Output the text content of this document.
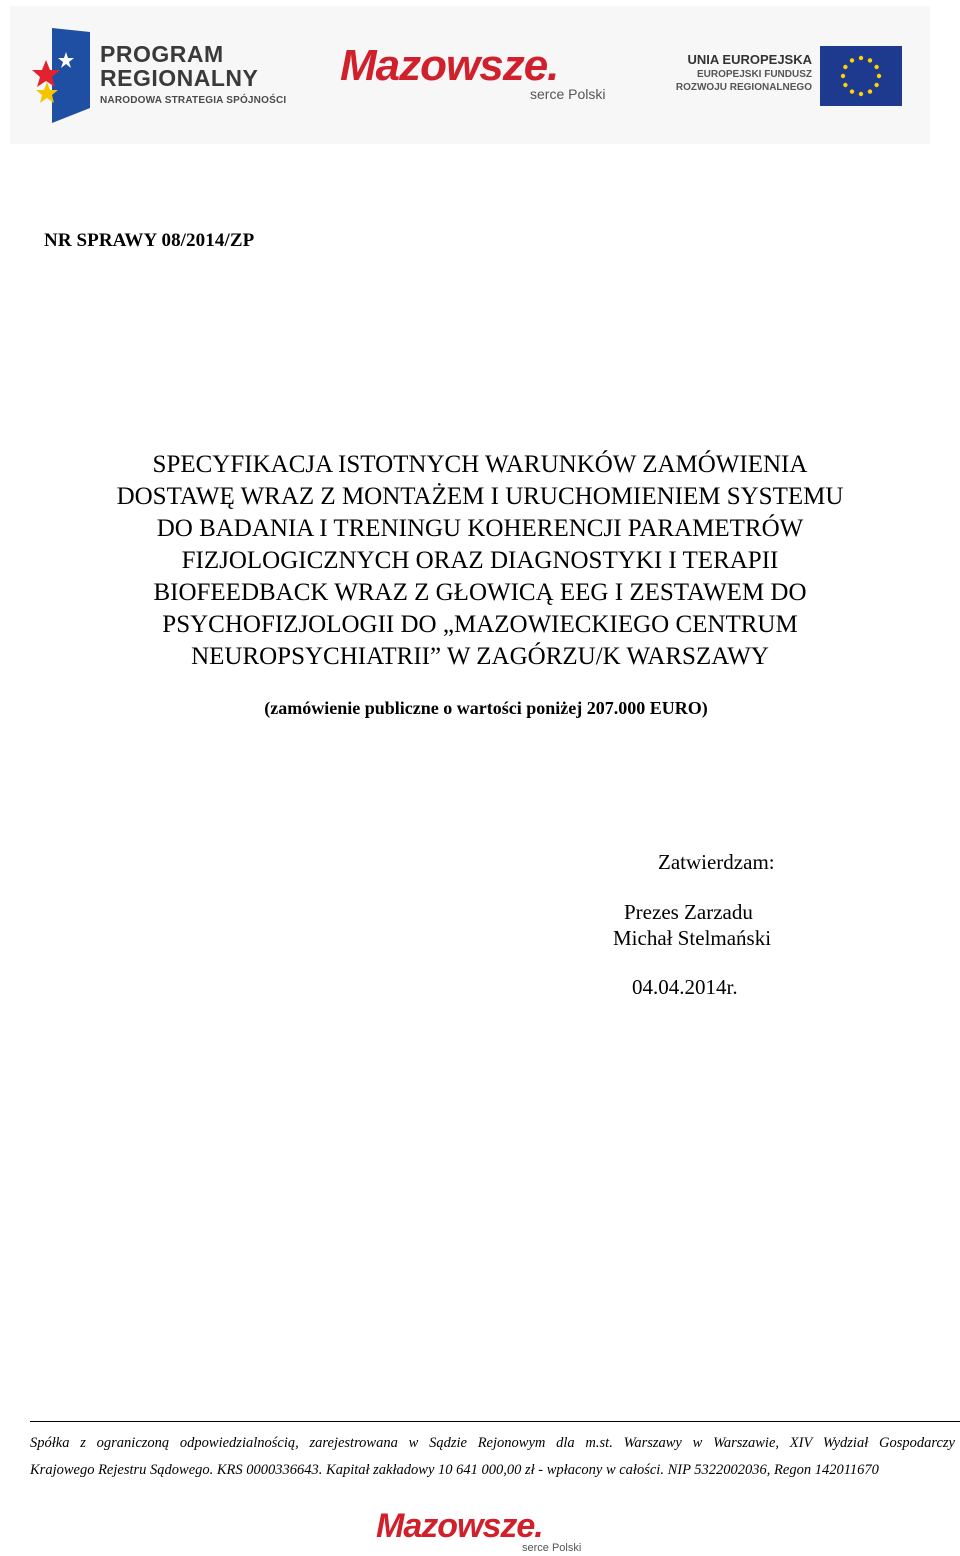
PROGRAM
REGIONALNY
NARODOWA STRATEGIA SPÓJNOŚCI
Mazowsze.
serce Polski
UNIA EUROPEJSKA
EUROPEJSKI FUNDUSZ
ROZWOJU REGIONALNEGO
NR SPRAWY 08/2014/ZP
SPECYFIKACJA ISTOTNYCH WARUNKÓW ZAMÓWIENIA
DOSTAWĘ WRAZ Z MONTAŻEM I URUCHOMIENIEM SYSTEMU
DO BADANIA I TRENINGU KOHERENCJI PARAMETRÓW
FIZJOLOGICZNYCH ORAZ DIAGNOSTYKI I TERAPII
BIOFEEDBACK WRAZ Z GŁOWICĄ EEG I ZESTAWEM DO
PSYCHOFIZJOLOGII DO „MAZOWIECKIEGO CENTRUM
NEUROPSYCHIATRII” W ZAGÓRZU/K WARSZAWY
(zamówienie publiczne o wartości poniżej 207.000 EURO)
Zatwierdzam:
Prezes Zarzadu
Michał Stelmański
04.04.2014r.
Spółka z ograniczoną odpowiedzialnością, zarejestrowana w Sądzie Rejonowym dla m.st. Warszawy w Warszawie, XIV Wydział Gospodarczy
Krajowego Rejestru Sądowego. KRS 0000336643. Kapitał zakładowy 10 641 000,00 zł - wpłacony w całości. NIP 5322002036, Regon 142011670
Mazowsze.
serce Polski
